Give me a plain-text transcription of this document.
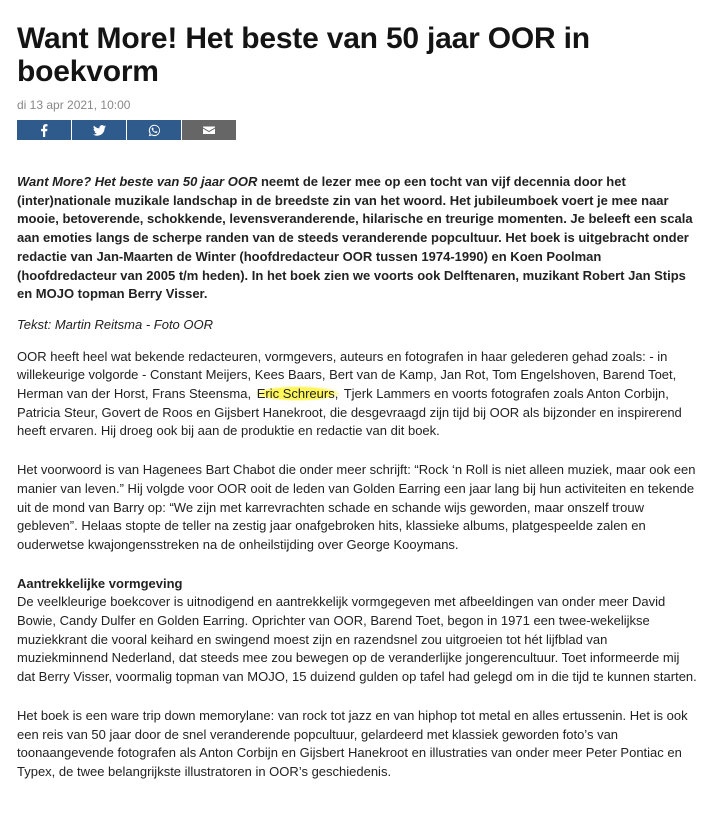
Want More! Het beste van 50 jaar OOR in boekvorm
di 13 apr 2021, 10:00

Want More? Het beste van 50 jaar OOR neemt de lezer mee op een tocht van vijf decennia door het (inter)nationale muzikale landschap in de breedste zin van het woord. Het jubileumboek voert je mee naar mooie, betoverende, schokkende, levensveranderende, hilarische en treurige momenten. Je beleeft een scala aan emoties langs de scherpe randen van de steeds veranderende popcultuur. Het boek is uitgebracht onder redactie van Jan-Maarten de Winter (hoofdredacteur OOR tussen 1974-1990) en Koen Poolman (hoofdredacteur van 2005 t/m heden). In het boek zien we voorts ook Delftenaren, muzikant Robert Jan Stips en MOJO topman Berry Visser.

Tekst: Martin Reitsma - Foto OOR

OOR heeft heel wat bekende redacteuren, vormgevers, auteurs en fotografen in haar gelederen gehad zoals: - in willekeurige volgorde - Constant Meijers, Kees Baars, Bert van de Kamp, Jan Rot, Tom Engelshoven, Barend Toet, Herman van der Horst, Frans Steensma, Eric Schreurs, Tjerk Lammers en voorts fotografen zoals Anton Corbijn, Patricia Steur, Govert de Roos en Gijsbert Hanekroot, die desgevraagd zijn tijd bij OOR als bijzonder en inspirerend heeft ervaren. Hij droeg ook bij aan de produktie en redactie van dit boek.

Het voorwoord is van Hagenees Bart Chabot die onder meer schrijft: “Rock ‘n Roll is niet alleen muziek, maar ook een manier van leven.” Hij volgde voor OOR ooit de leden van Golden Earring een jaar lang bij hun activiteiten en tekende uit de mond van Barry op: “We zijn met karrevrachten schade en schande wijs geworden, maar onszelf trouw gebleven”. Helaas stopte de teller na zestig jaar onafgebroken hits, klassieke albums, platgespeelde zalen en ouderwetse kwajongensstreken na de onheilstijding over George Kooymans.

Aantrekkelijke vormgeving

De veelkleurige boekcover is uitnodigend en aantrekkelijk vormgegeven met afbeeldingen van onder meer David Bowie, Candy Dulfer en Golden Earring. Oprichter van OOR, Barend Toet, begon in 1971 een twee-wekelijkse muziekkrant die vooral keihard en swingend moest zijn en razendsnel zou uitgroeien tot hét lijfblad van muziekminnend Nederland, dat steeds mee zou bewegen op de veranderlijke jongerencultuur. Toet informeerde mij dat Berry Visser, voormalig topman van MOJO, 15 duizend gulden op tafel had gelegd om in die tijd te kunnen starten.

Het boek is een ware trip down memorylane: van rock tot jazz en van hiphop tot metal en alles ertussenin. Het is ook een reis van 50 jaar door de snel veranderende popcultuur, gelardeerd met klassiek geworden foto’s van toonaangevende fotografen als Anton Corbijn en Gijsbert Hanekroot en illustraties van onder meer Peter Pontiac en Typex, de twee belangrijkste illustratoren in OOR’s geschiedenis.
